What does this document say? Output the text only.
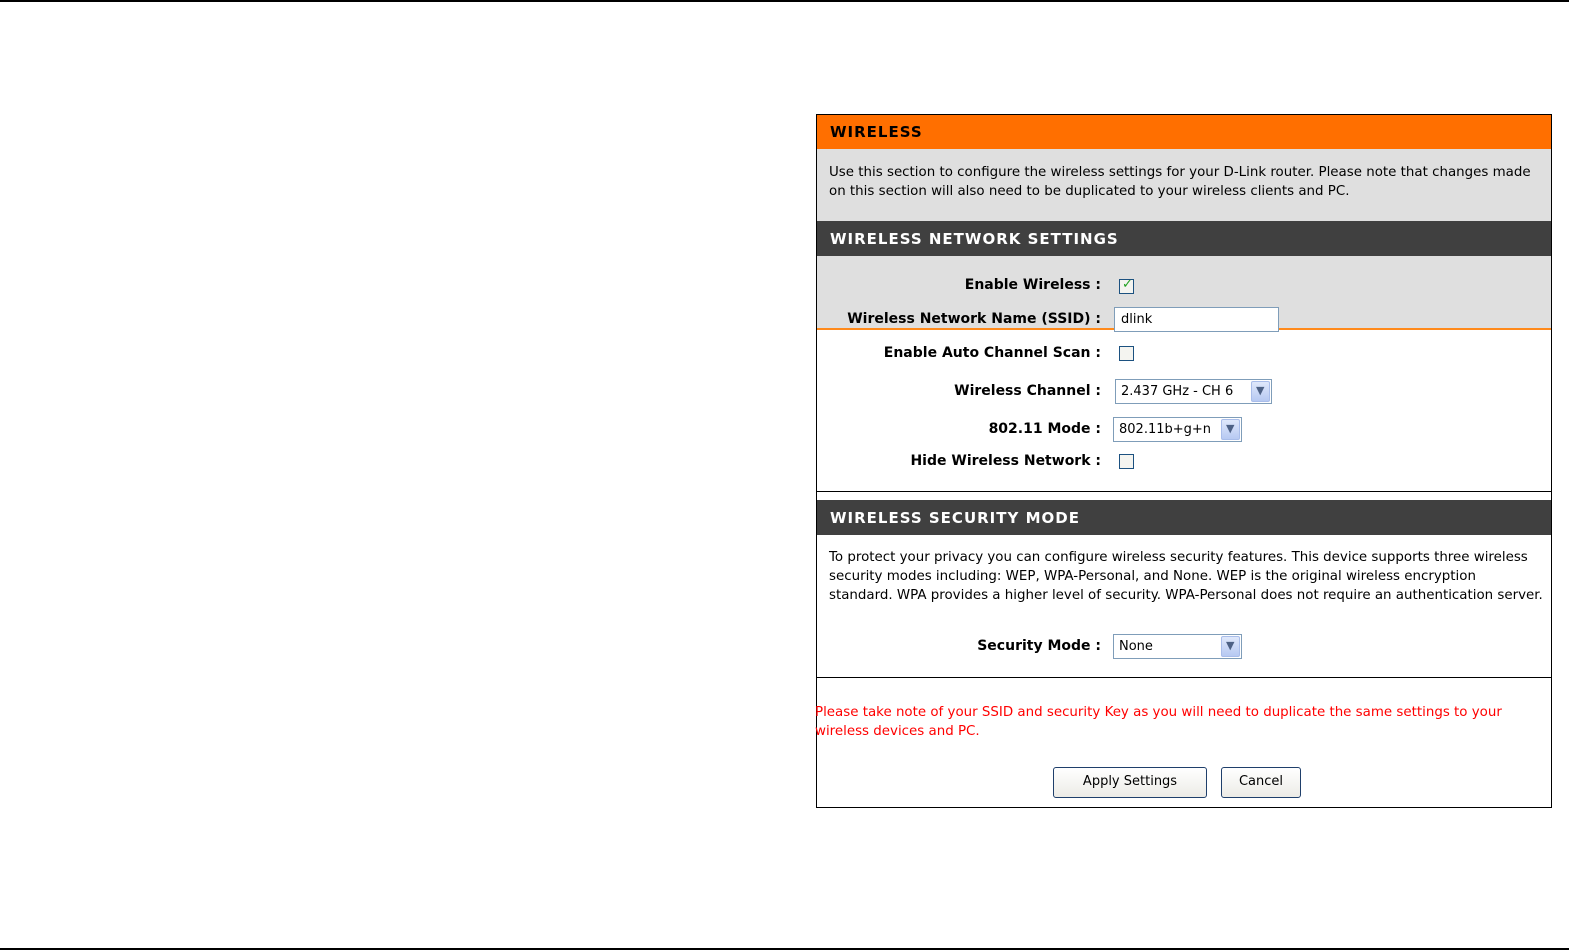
WIRELESS
Use this section to configure the wireless settings for your D-Link router. Please note that changes made on this section will also need to be duplicated to your wireless clients and PC.
WIRELESS NETWORK SETTINGS
Enable Wireless : ✓
Wireless Network Name (SSID) :
dlink
Enable Auto Channel Scan :
Wireless Channel : 2.437 GHz - CH 6 ▼
802.11 Mode : 802.11b+g+n ▼
Hide Wireless Network :
WIRELESS SECURITY MODE
To protect your privacy you can configure wireless security features. This device supports three wireless security modes including: WEP, WPA-Personal, and None. WEP is the original wireless encryption standard. WPA provides a higher level of security. WPA-Personal does not require an authentication server.
Security Mode : None	▼
Please take note of your SSID and security Key as you will need to duplicate the same settings to your wireless devices and PC.
Apply Settings	Cancel
